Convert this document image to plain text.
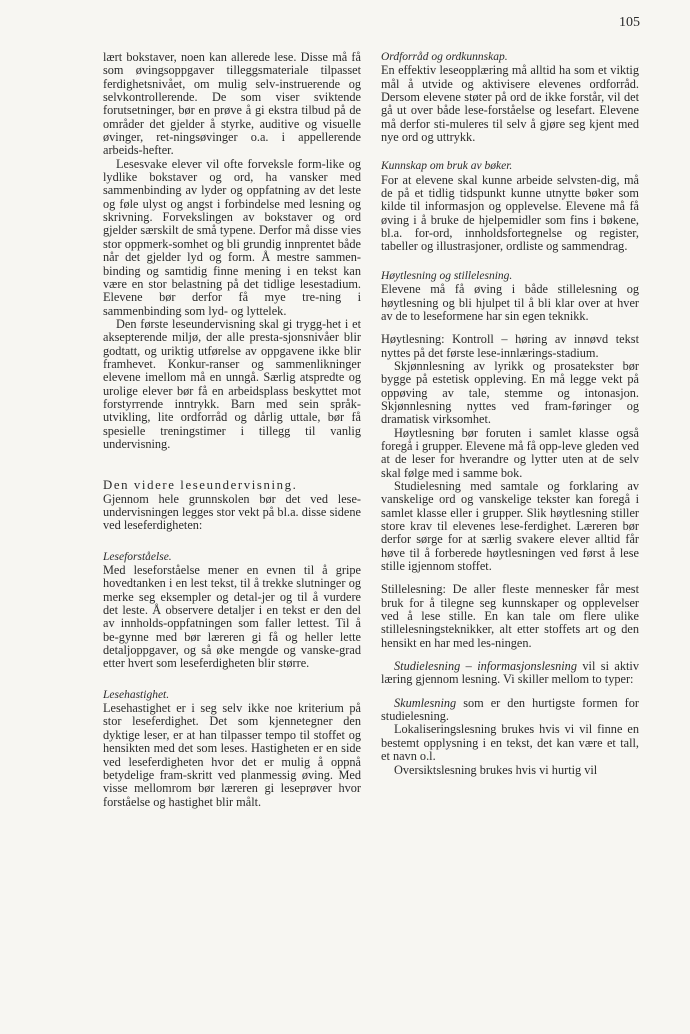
105

lært bokstaver, noen kan allerede lese. Disse må få som øvingsoppgaver tilleggsmateriale tilpasset ferdighetsnivået, om mulig selv-instruerende og selvkontrollerende. De som viser sviktende forutsetninger, bør en prøve å gi ekstra tilbud på de områder det gjelder å styrke, auditive og visuelle øvinger, ret-ningsøvinger o.a. i appellerende arbeids-hefter.

Lesesvake elever vil ofte forveksle form-like og lydlike bokstaver og ord, ha vansker med sammenbinding av lyder og oppfatning av det leste og føle ulyst og angst i forbindelse med lesning og skrivning. Forvekslingen av bokstaver og ord gjelder særskilt de små typene. Derfor må disse vies stor oppmerk-somhet og bli grundig innprentet både når det gjelder lyd og form. Å mestre sammen-binding og samtidig finne mening i en tekst kan være en stor belastning på det tidlige lesestadium. Elevene bør derfor få mye tre-ning i sammenbinding som lyd- og lyttelek.

Den første leseundervisning skal gi trygg-het i et aksepterende miljø, der alle presta-sjonsnivåer blir godtatt, og uriktig utførelse av oppgavene ikke blir framhevet. Konkur-ranser og sammenlikninger elevene imellom må en unngå. Særlig atspredte og urolige elever bør få en arbeidsplass beskyttet mot forstyrrende inntrykk. Barn med sein språk-utvikling, lite ordforråd og dårlig uttale, bør få spesielle treningstimer i tillegg til vanlig undervisning.

Den videre leseundervisning.

Gjennom hele grunnskolen bør det ved lese-undervisningen legges stor vekt på bl.a. disse sidene ved leseferdigheten:

Leseforståelse.

Med leseforståelse mener en evnen til å gripe hovedtanken i en lest tekst, til å trekke slutninger og merke seg eksempler og detal-jer og til å vurdere det leste. Å observere detaljer i en tekst er den del av innholds-oppfatningen som faller lettest. Til å be-gynne med bør læreren gi få og heller lette detaljoppgaver, og så øke mengde og vanske-grad etter hvert som leseferdigheten blir større.

Lesehastighet.

Lesehastighet er i seg selv ikke noe kriterium på stor leseferdighet. Det som kjennetegner den dyktige leser, er at han tilpasser tempo til stoffet og hensikten med det som leses. Hastigheten er en side ved leseferdigheten hvor det er mulig å oppnå betydelige fram-skritt ved planmessig øving. Med visse mellomrom bør læreren gi leseprøver hvor forståelse og hastighet blir målt.

Ordforråd og ordkunnskap.

En effektiv leseopplæring må alltid ha som et viktig mål å utvide og aktivisere elevenes ordforråd. Dersom elevene støter på ord de ikke forstår, vil det gå ut over både lese-forståelse og lesefart. Elevene må derfor sti-muleres til selv å gjøre seg kjent med nye ord og uttrykk.

Kunnskap om bruk av bøker.

For at elevene skal kunne arbeide selvsten-dig, må de på et tidlig tidspunkt kunne utnytte bøker som kilde til informasjon og opplevelse. Elevene må få øving i å bruke de hjelpemidler som fins i bøkene, bl.a. for-ord, innholdsfortegnelse og register, tabeller og illustrasjoner, ordliste og sammendrag.

Høytlesning og stillelesning.

Elevene må få øving i både stillelesning og høytlesning og bli hjulpet til å bli klar over at hver av de to leseformene har sin egen teknikk.

Høytlesning: Kontroll – høring av innøvd tekst nyttes på det første lese-innlærings-stadium.

Skjønnlesning av lyrikk og prosatekster bør bygge på estetisk oppleving. En må legge vekt på oppøving av tale, stemme og intonasjon. Skjønnlesning nyttes ved fram-føringer og dramatisk virksomhet.

Høytlesning bør foruten i samlet klasse også foregå i grupper. Elevene må få opp-leve gleden ved at de leser for hverandre og lytter uten at de selv skal følge med i samme bok.

Studielesning med samtale og forklaring av vanskelige ord og vanskelige tekster kan foregå i samlet klasse eller i grupper. Slik høytlesning stiller store krav til elevenes lese-ferdighet. Læreren bør derfor sørge for at særlig svakere elever alltid får høve til å forberede høytlesningen ved først å lese stille igjennom stoffet.

Stillelesning: De aller fleste mennesker får mest bruk for å tilegne seg kunnskaper og opplevelser ved å lese stille. En kan tale om flere ulike stillelesningsteknikker, alt etter stoffets art og den hensikt en har med les-ningen.

Studielesning – informasjonslesning vil si aktiv læring gjennom lesning. Vi skiller mellom to typer:

Skumlesning som er den hurtigste formen for studielesning.

Lokaliseringslesning brukes hvis vi vil finne en bestemt opplysning i en tekst, det kan være et tall, et navn o.l.

Oversiktslesning brukes hvis vi hurtig vil
